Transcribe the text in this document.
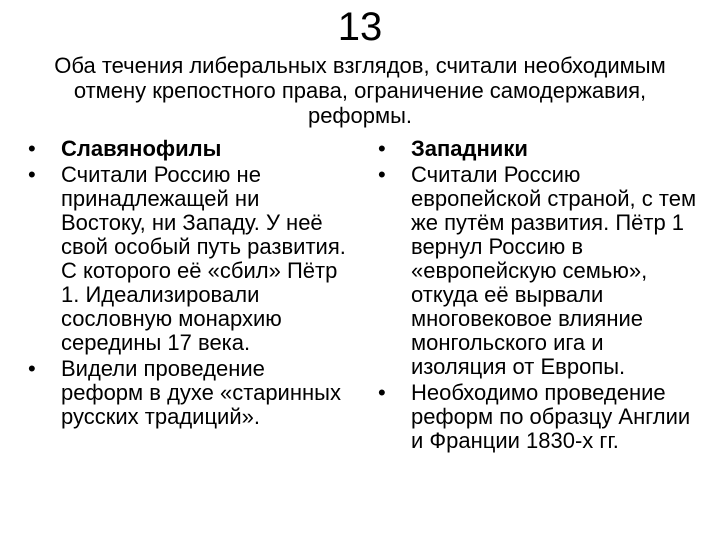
13
Оба течения либеральных взглядов, считали необходимым отмену крепостного права, ограничение самодержавия, реформы.
•	Славянофилы
•	Считали Россию не принадлежащей ни Востоку, ни Западу. У неё свой особый путь развития. С которого её «сбил» Пётр 1. Идеализировали сословную монархию середины 17 века.
•	Видели проведение реформ в духе «старинных русских традиций».
•	Западники
•	Считали Россию европейской страной, с тем же путём развития. Пётр 1 вернул Россию в «европейскую семью», откуда её вырвали многовековое влияние монгольского ига и изоляция от Европы.
•	Необходимо проведение реформ по образцу Англии и Франции 1830-х гг.
